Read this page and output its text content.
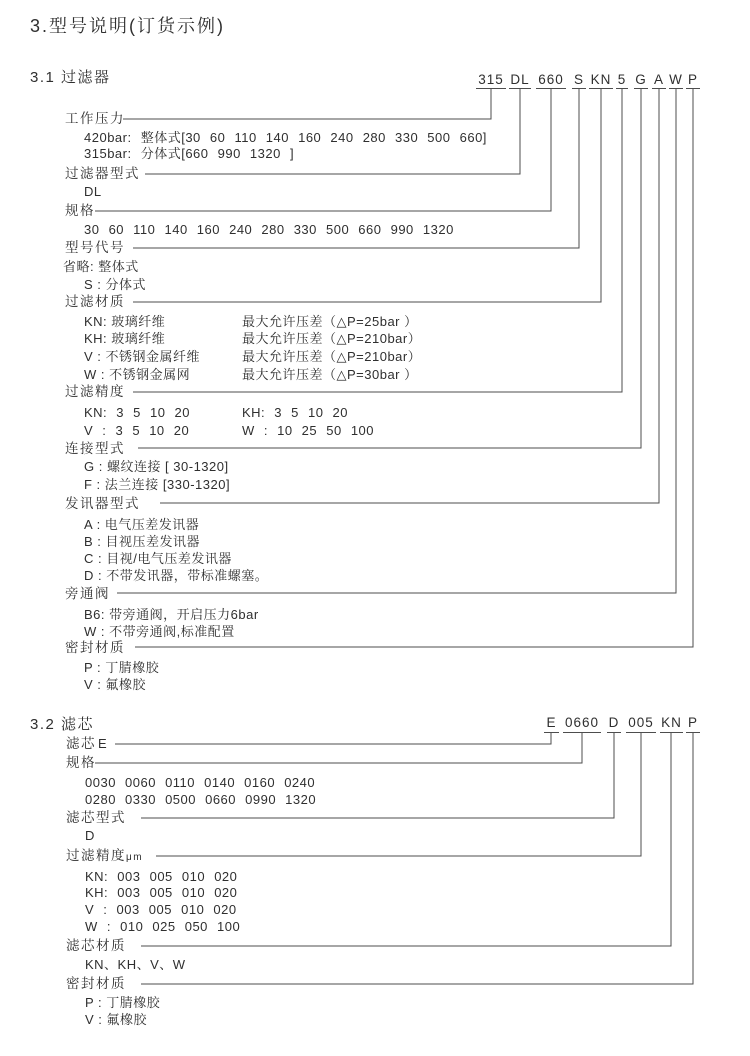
3.型号说明(订货示例)
3.1 过滤器	315 DL 660 S KN 5 G A W P
工作压力
420bar: 整体式[30 60 110 140 160 240 280 330 500 660]
315bar: 分体式[660 990 1320 ]
过滤器型式
DL
规格
30 60 110 140 160 240 280 330 500 660 990 1320
型号代号
省略: 整体式
S : 分体式
过滤材质
KN: 玻璃纤维	最大允许压差（△P=25bar ）
KH: 玻璃纤维	最大允许压差（△P=210bar）
V : 不锈钢金属纤维	最大允许压差（△P=210bar）
W : 不锈钢金属网	最大允许压差（△P=30bar ）
过滤精度
KN: 3 5 10 20	KH: 3 5 10 20
V : 3 5 10 20	W : 10 25 50 100
连接型式
G : 螺纹连接 [ 30-1320]
F : 法兰连接 [330-1320]
发讯器型式
A : 电气压差发讯器
B : 目视压差发讯器
C : 目视/电气压差发讯器
D : 不带发讯器，带标准螺塞。
旁通阀
B6: 带旁通阀，开启压力6bar
W : 不带旁通阀,标准配置
密封材质
P : 丁腈橡胶
V : 氟橡胶
3.2 滤芯	E 0660 D 005 KN P
滤芯 E
规格
0030 0060 0110 0140 0160 0240
0280 0330 0500 0660 0990 1320
滤芯型式
D
过滤精度μm
KN: 003 005 010 020
KH: 003 005 010 020
V : 003 005 010 020
W : 010 025 050 100
滤芯材质
KN、KH、V、W
密封材质
P : 丁腈橡胶
V : 氟橡胶
